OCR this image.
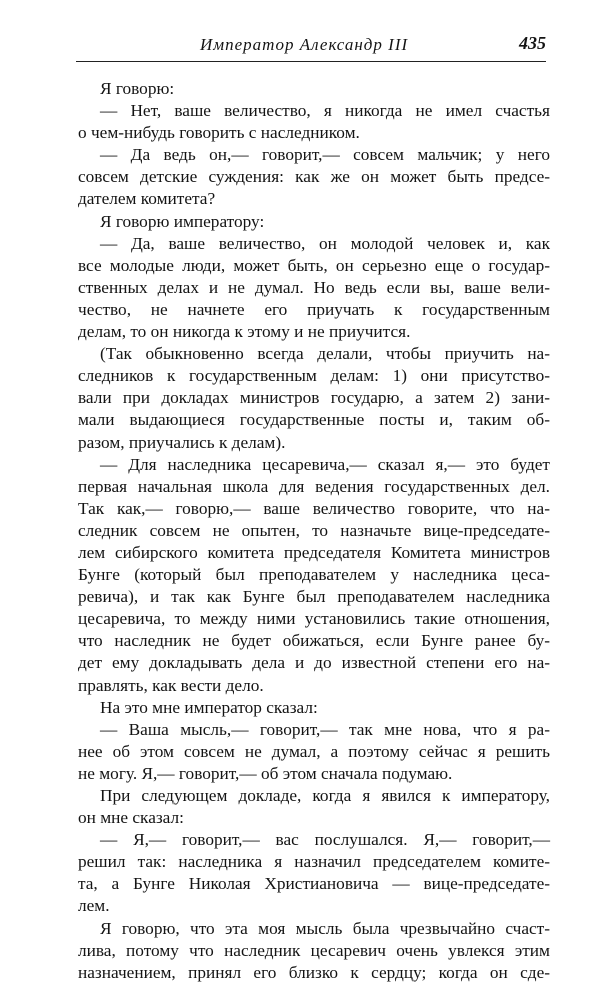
Император Александр III	435
Я говорю:
— Нет, ваше величество, я никогда не имел счастья
о чем-нибудь говорить с наследником.
— Да ведь он,— говорит,— совсем мальчик; у него
совсем детские суждения: как же он может быть предсе-
дателем комитета?
Я говорю императору:
— Да, ваше величество, он молодой человек и, как
все молодые люди, может быть, он серьезно еще о государ-
ственных делах и не думал. Но ведь если вы, ваше вели-
чество, не начнете его приучать к государственным
делам, то он никогда к этому и не приучится.
(Так обыкновенно всегда делали, чтобы приучить на-
следников к государственным делам: 1) они присутство-
вали при докладах министров государю, а затем 2) зани-
мали выдающиеся государственные посты и, таким об-
разом, приучались к делам).
— Для наследника цесаревича,— сказал я,— это будет
первая начальная школа для ведения государственных дел.
Так как,— говорю,— ваше величество говорите, что на-
следник совсем не опытен, то назначьте вице-председате-
лем сибирского комитета председателя Комитета министров
Бунге (который был преподавателем у наследника цеса-
ревича), и так как Бунге был преподавателем наследника
цесаревича, то между ними установились такие отношения,
что наследник не будет обижаться, если Бунге ранее бу-
дет ему докладывать дела и до известной степени его на-
правлять, как вести дело.
На это мне император сказал:
— Ваша мысль,— говорит,— так мне нова, что я ра-
нее об этом совсем не думал, а поэтому сейчас я решить
не могу. Я,— говорит,— об этом сначала подумаю.
При следующем докладе, когда я явился к императору,
он мне сказал:
— Я,— говорит,— вас послушался. Я,— говорит,—
решил так: наследника я назначил председателем комите-
та, а Бунге Николая Христиановича — вице-председате-
лем.
Я говорю, что эта моя мысль была чрезвычайно счаст-
лива, потому что наследник цесаревич очень увлекся этим
назначением, принял его близко к сердцу; когда он сде-
